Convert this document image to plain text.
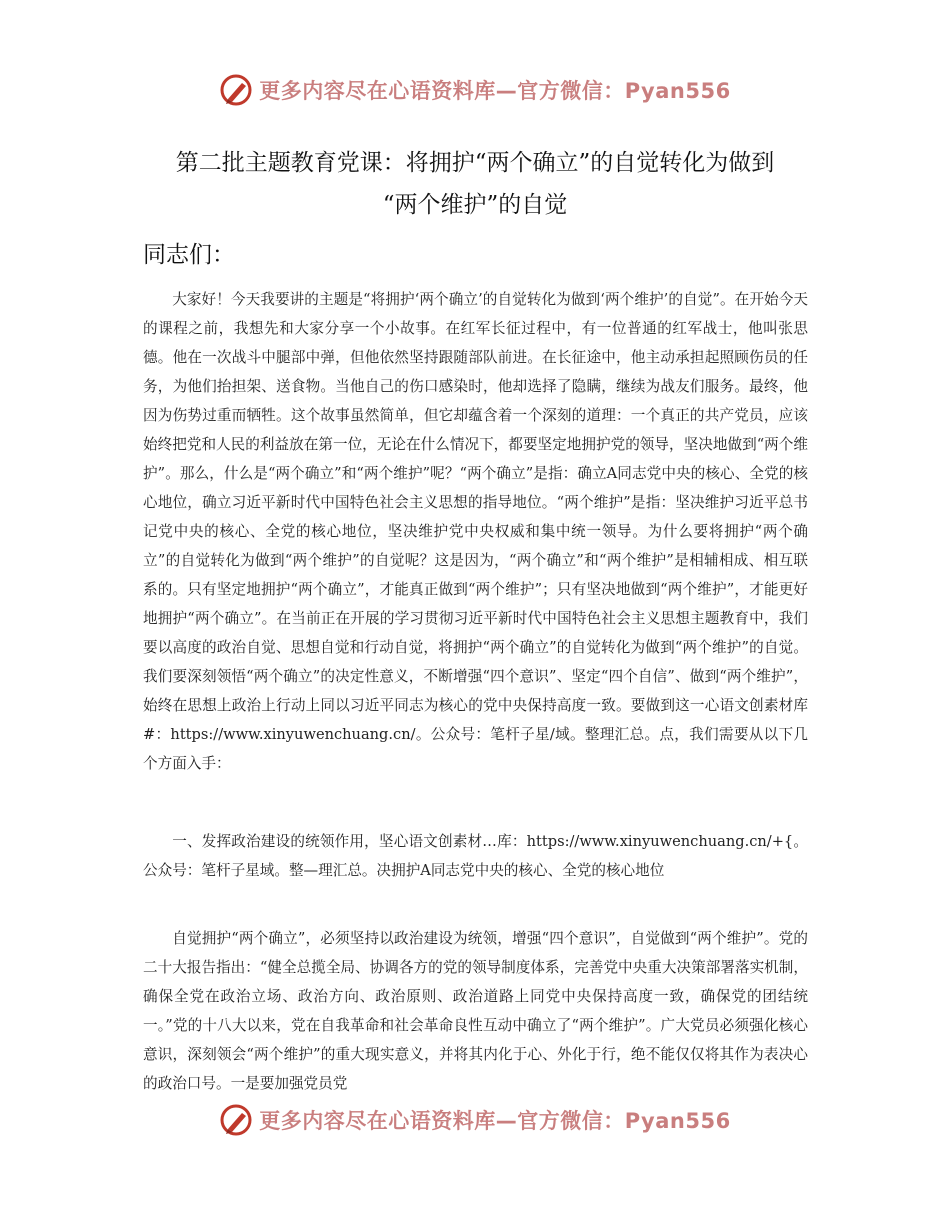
更多内容尽在心语资料库—官方微信：Pyan556
第二批主题教育党课：将拥护“两个确立”的自觉转化为做到
“两个维护”的自觉
同志们：

大家好！今天我要讲的主题是“将拥护‘两个确立’的自觉转化为做到‘两个维护’的自觉”。在开始今天的课程之前，我想先和大家分享一个小故事。在红军长征过程中，有一位普通的红军战士，他叫张思德。他在一次战斗中腿部中弹，但他依然坚持跟随部队前进。在长征途中，他主动承担起照顾伤员的任务，为他们抬担架、送食物。当他自己的伤口感染时，他却选择了隐瞒，继续为战友们服务。最终，他因为伤势过重而牺牲。这个故事虽然简单，但它却蕴含着一个深刻的道理：一个真正的共产党员，应该始终把党和人民的利益放在第一位，无论在什么情况下，都要坚定地拥护党的领导，坚决地做到“两个维护”。那么，什么是“两个确立”和“两个维护”呢？“两个确立”是指：确立A同志党中央的核心、全党的核心地位，确立习近平新时代中国特色社会主义思想的指导地位。“两个维护”是指：坚决维护习近平总书记党中央的核心、全党的核心地位，坚决维护党中央权威和集中统一领导。为什么要将拥护“两个确立”的自觉转化为做到“两个维护”的自觉呢？这是因为，“两个确立”和“两个维护”是相辅相成、相互联系的。只有坚定地拥护“两个确立”，才能真正做到“两个维护”；只有坚决地做到“两个维护”，才能更好地拥护“两个确立”。在当前正在开展的学习贯彻习近平新时代中国特色社会主义思想主题教育中，我们要以高度的政治自觉、思想自觉和行动自觉，将拥护“两个确立”的自觉转化为做到“两个维护”的自觉。我们要深刻领悟“两个确立”的决定性意义，不断增强“四个意识”、坚定“四个自信”、做到“两个维护”，始终在思想上政治上行动上同以习近平同志为核心的党中央保持高度一致。要做到这一心语文创素材库#：https://www.xinyuwenchuang.cn/。公众号：笔杆子星/域。整理汇总。点，我们需要从以下几个方面入手：

一、发挥政治建设的统领作用，坚心语文创素材…库：https://www.xinyuwenchuang.cn/+{。公众号：笔杆子星域。整—理汇总。决拥护A同志党中央的核心、全党的核心地位

自觉拥护“两个确立”，必须坚持以政治建设为统领，增强“四个意识”，自觉做到“两个维护”。党的二十大报告指出：“健全总揽全局、协调各方的党的领导制度体系，完善党中央重大决策部署落实机制，确保全党在政治立场、政治方向、政治原则、政治道路上同党中央保持高度一致，确保党的团结统一。”党的十八大以来，党在自我革命和社会革命良性互动中确立了“两个维护”。广大党员必须强化核心意识，深刻领会“两个维护”的重大现实意义，并将其内化于心、外化于行，绝不能仅仅将其作为表决心的政治口号。一是要加强党员党

更多内容尽在心语资料库—官方微信：Pyan556
